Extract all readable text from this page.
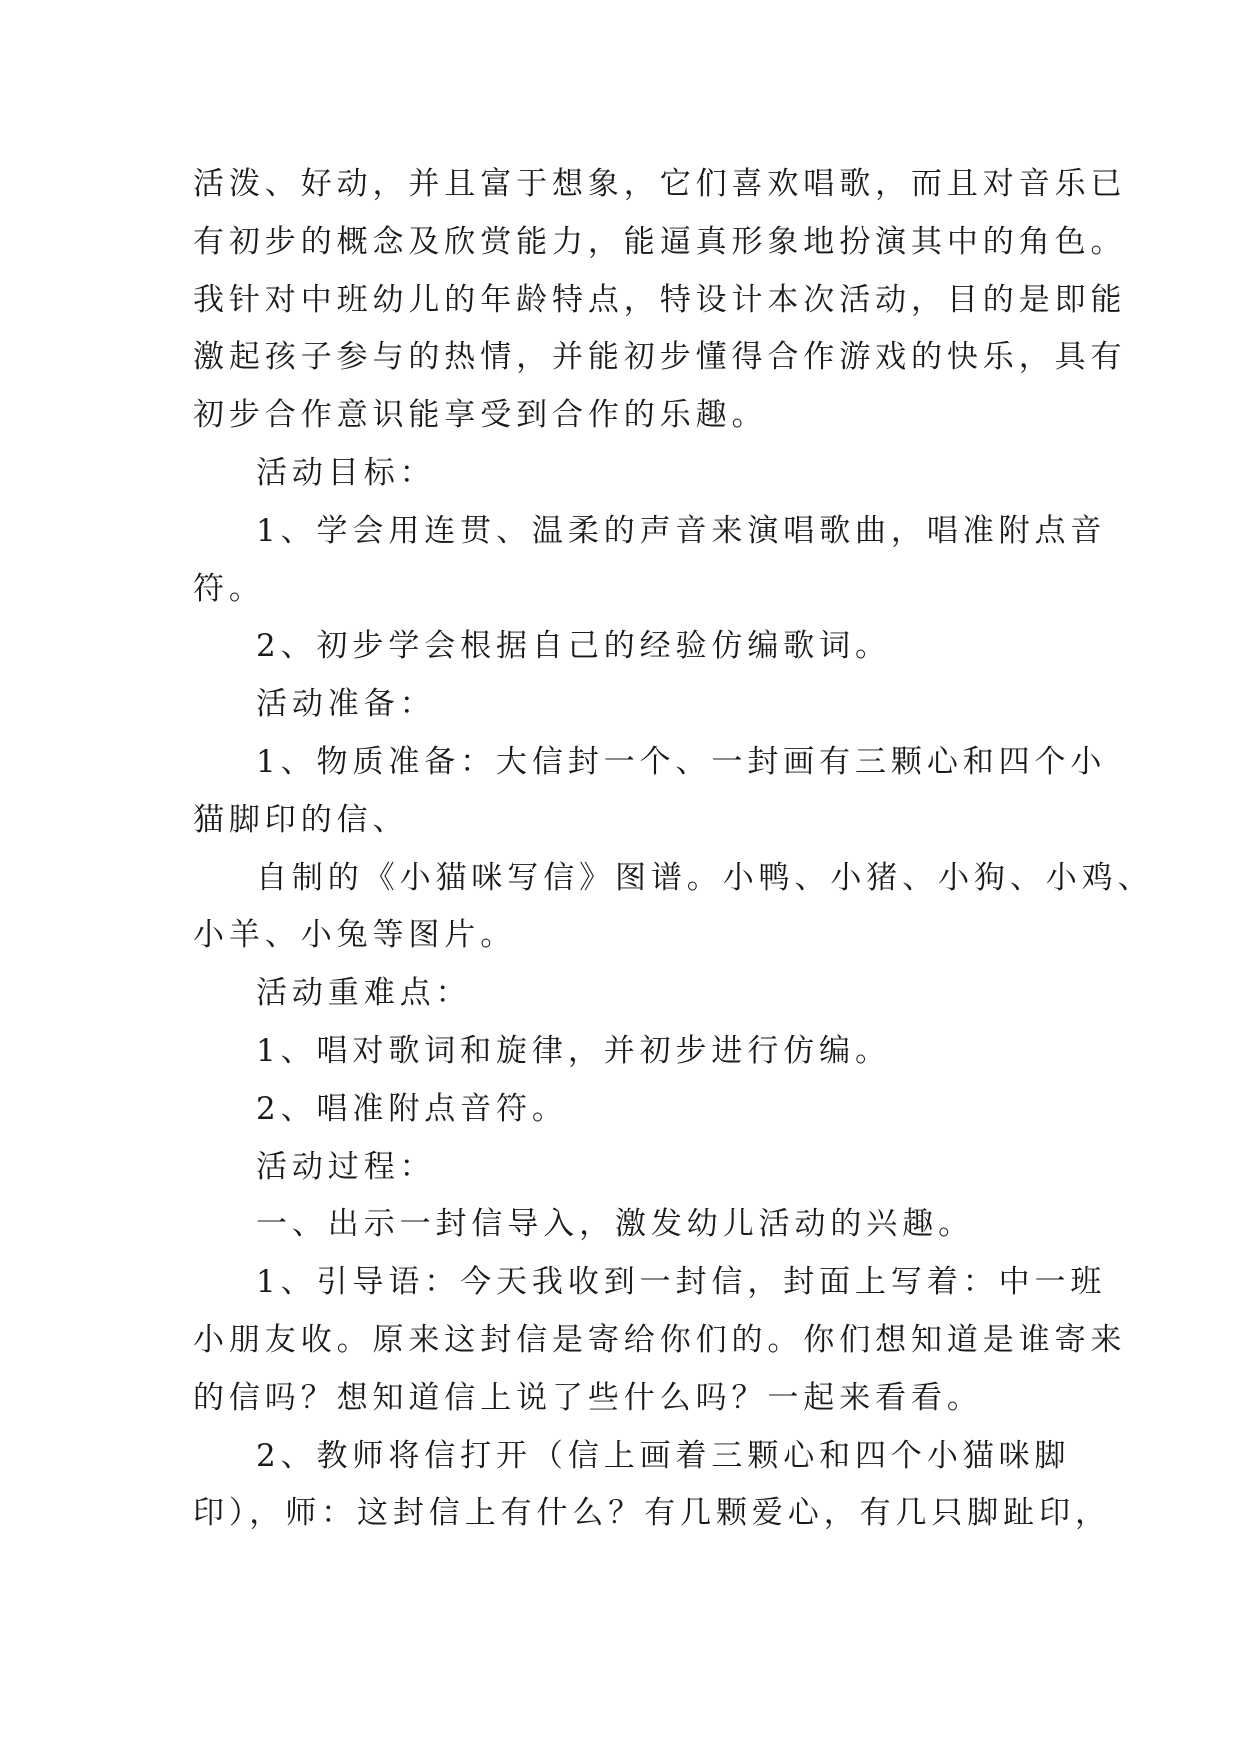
活泼、好动，并且富于想象，它们喜欢唱歌，而且对音乐已
有初步的概念及欣赏能力，能逼真形象地扮演其中的角色。
我针对中班幼儿的年龄特点，特设计本次活动，目的是即能
激起孩子参与的热情，并能初步懂得合作游戏的快乐，具有
初步合作意识能享受到合作的乐趣。
活动目标：
1、学会用连贯、温柔的声音来演唱歌曲，唱准附点音
符。
2、初步学会根据自己的经验仿编歌词。
活动准备：
1、物质准备：大信封一个、一封画有三颗心和四个小
猫脚印的信、
自制的《小猫咪写信》图谱。小鸭、小猪、小狗、小鸡、
小羊、小兔等图片。
活动重难点：
1、唱对歌词和旋律，并初步进行仿编。
2、唱准附点音符。
活动过程：
一、出示一封信导入，激发幼儿活动的兴趣。
1、引导语：今天我收到一封信，封面上写着：中一班
小朋友收。原来这封信是寄给你们的。你们想知道是谁寄来
的信吗？想知道信上说了些什么吗？一起来看看。
2、教师将信打开（信上画着三颗心和四个小猫咪脚
印），师：这封信上有什么？有几颗爱心，有几只脚趾印，
